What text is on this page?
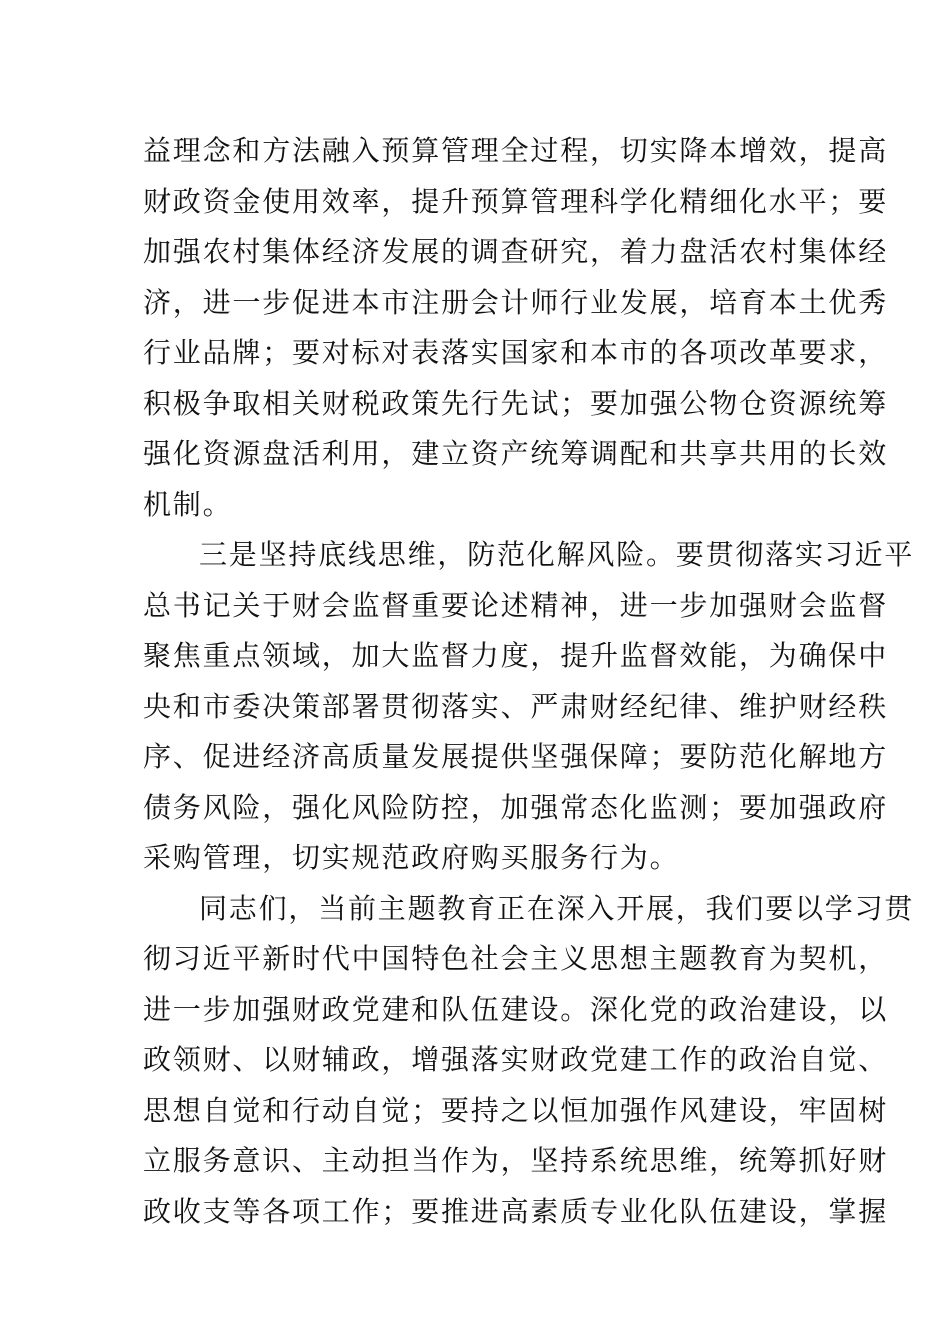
益理念和方法融入预算管理全过程，切实降本增效，提高
财政资金使用效率，提升预算管理科学化精细化水平；要
加强农村集体经济发展的调查研究，着力盘活农村集体经
济，进一步促进本市注册会计师行业发展，培育本土优秀
行业品牌；要对标对表落实国家和本市的各项改革要求，
积极争取相关财税政策先行先试；要加强公物仓资源统筹
强化资源盘活利用，建立资产统筹调配和共享共用的长效
机制。
三是坚持底线思维，防范化解风险。要贯彻落实习近平
总书记关于财会监督重要论述精神，进一步加强财会监督
聚焦重点领域，加大监督力度，提升监督效能，为确保中
央和市委决策部署贯彻落实、严肃财经纪律、维护财经秩
序、促进经济高质量发展提供坚强保障；要防范化解地方
债务风险，强化风险防控，加强常态化监测；要加强政府
采购管理，切实规范政府购买服务行为。
同志们，当前主题教育正在深入开展，我们要以学习贯
彻习近平新时代中国特色社会主义思想主题教育为契机，
进一步加强财政党建和队伍建设。深化党的政治建设，以
政领财、以财辅政，增强落实财政党建工作的政治自觉、
思想自觉和行动自觉；要持之以恒加强作风建设，牢固树
立服务意识、主动担当作为，坚持系统思维，统筹抓好财
政收支等各项工作；要推进高素质专业化队伍建设，掌握
